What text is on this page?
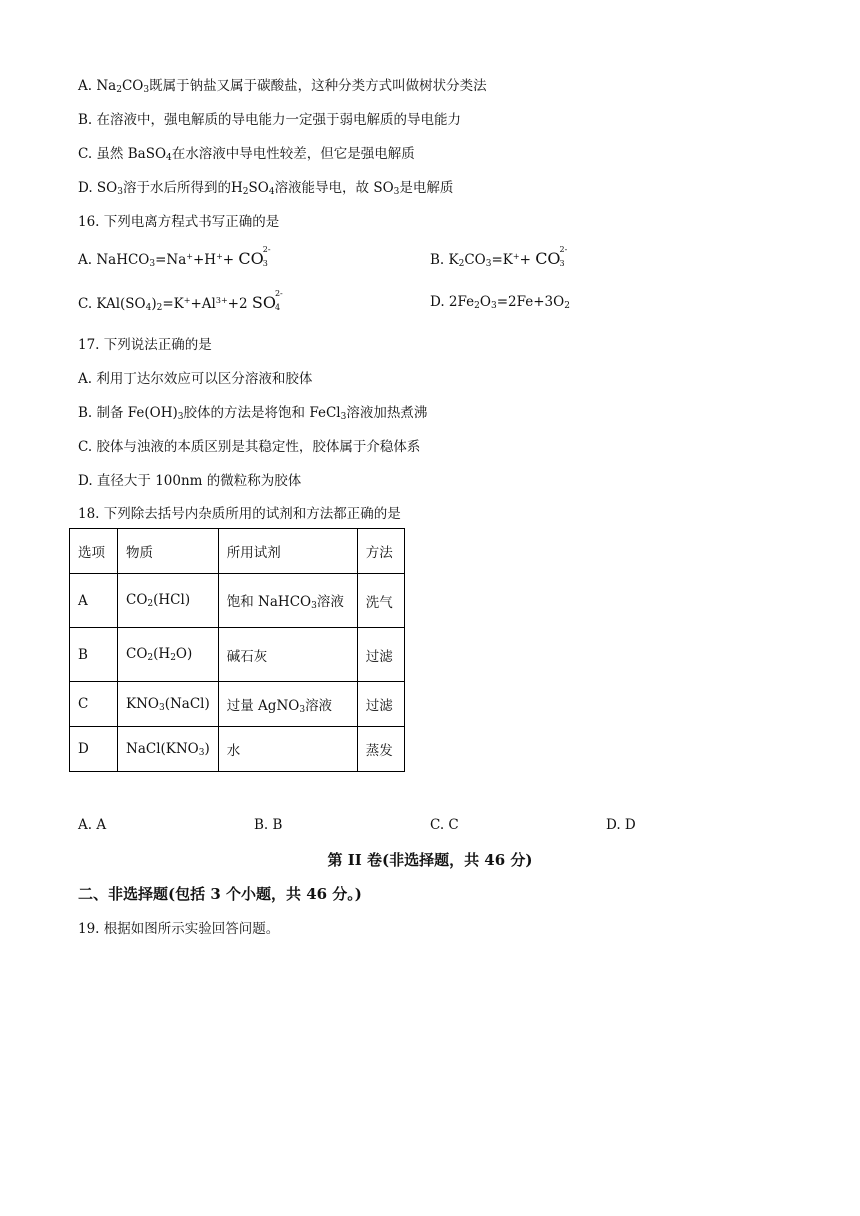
A. $Na_2CO_3$既属于钠盐又属于碳酸盐，这种分类方式叫做树状分类法
B. 在溶液中，强电解质的导电能力一定强于弱电解质的导电能力
C. 虽然 BaSO$_4$在水溶液中导电性较差，但它是强电解质
D. $SO_3$溶于水后所得到的$H_2SO_4$溶液能导电，故 $SO_3$是电解质
16. 下列电离方程式书写正确的是
A. NaHCO$_3$=Na++H++ CO 2-
3	B. $K_2CO_3=K^++$ CO 2-
3
C. $KAl(SO_4)_2=K^++Al^{3+}+2$ SO 2-
4	D. $2Fe_2O_3=2Fe+3O_2$
17. 下列说法正确的是
A. 利用丁达尔效应可以区分溶液和胶体
B. 制备 $Fe(OH)_3$胶体的方法是将饱和 FeCl$_3$溶液加热煮沸
C. 胶体与浊液的本质区别是其稳定性，胶体属于介稳体系
D. 直径大于 100nm 的微粒称为胶体
18. 下列除去括号内杂质所用的试剂和方法都正确的是
选项	物质	所用试剂	方法
A	$CO_2(HCl)$	饱和 NaHCO$_3$溶液	洗气
B	$CO_2(H_2O)$	碱石灰	过滤
C	$KNO_3(NaCl)$	过量 AgNO$_3$溶液	过滤
D	$NaCl(KNO_3)$	水	蒸发
A. A	B. B	C. C	D. D
第 II 卷(非选择题，共 46 分)
二、非选择题(包括 3 个小题，共 46 分。)
19. 根据如图所示实验回答问题。
